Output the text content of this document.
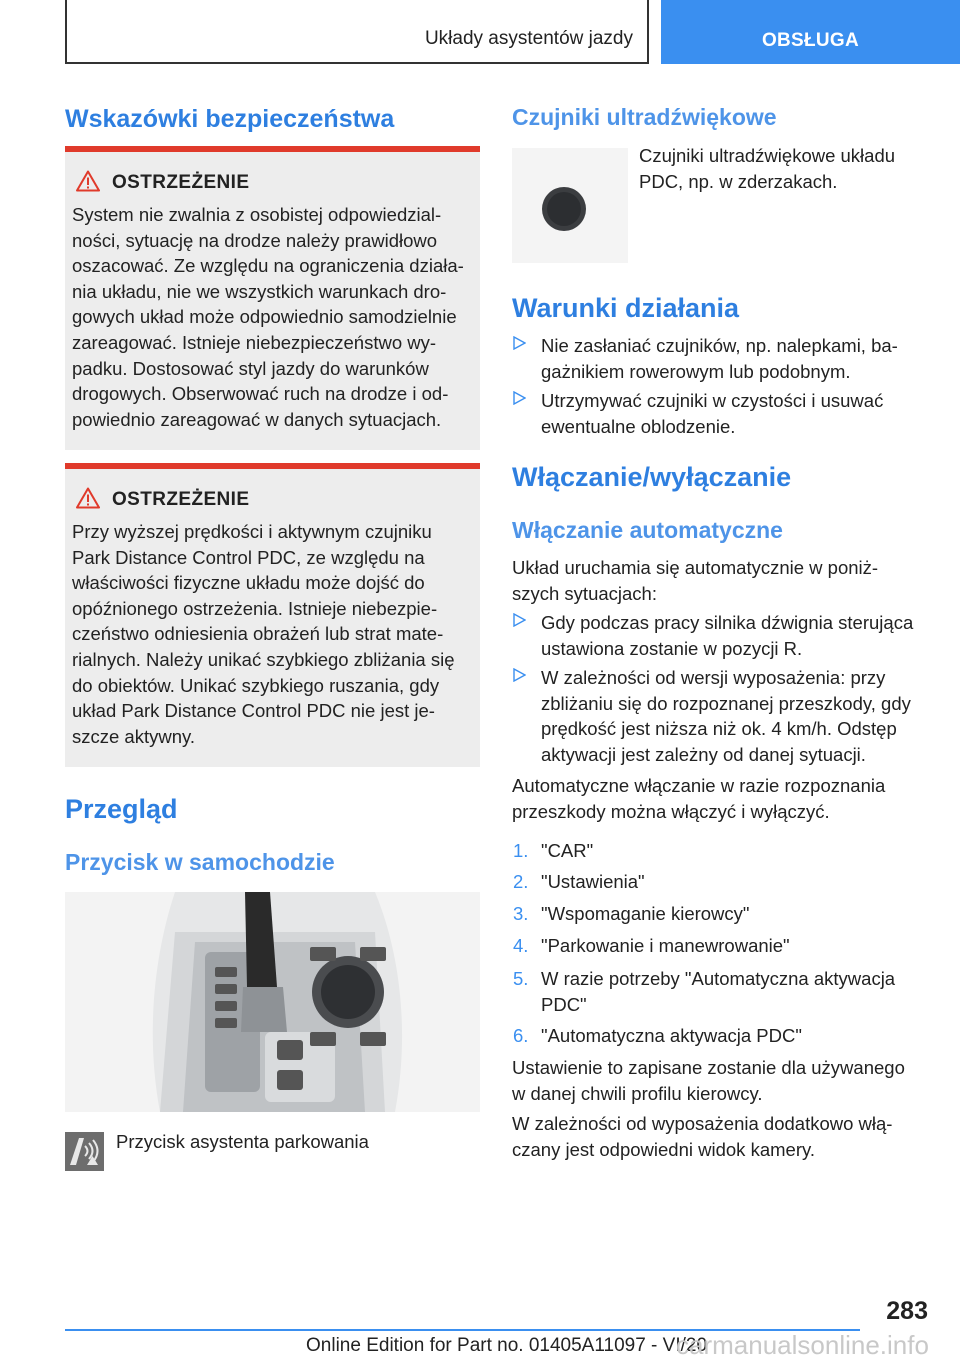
Układy asystentów jazdy	OBSŁUGA
Wskazówki bezpieczeństwa
OSTRZEŻENIE
System nie zwalnia z osobistej odpowiedzial-
ności, sytuację na drodze należy prawidłowo
oszacować. Ze względu na ograniczenia działa-
nia układu, nie we wszystkich warunkach dro-
gowych układ może odpowiednio samodzielnie
zareagować. Istnieje niebezpieczeństwo wy-
padku. Dostosować styl jazdy do warunków
drogowych. Obserwować ruch na drodze i od-
powiednio zareagować w danych sytuacjach.
OSTRZEŻENIE
Przy wyższej prędkości i aktywnym czujniku
Park Distance Control PDC, ze względu na
właściwości fizyczne układu może dojść do
opóźnionego ostrzeżenia. Istnieje niebezpie-
czeństwo odniesienia obrażeń lub strat mate-
rialnych. Należy unikać szybkiego zbliżania się
do obiektów. Unikać szybkiego ruszania, gdy
układ Park Distance Control PDC nie jest je-
szcze aktywny.
Przegląd
Przycisk w samochodzie
Przycisk asystenta parkowania
Czujniki ultradźwiękowe
Czujniki ultradźwiękowe układu
PDC, np. w zderzakach.
Warunki działania
Nie zasłaniać czujników, np. nalepkami, ba-
gażnikiem rowerowym lub podobnym.
Utrzymywać czujniki w czystości i usuwać
ewentualne oblodzenie.
Włączanie/wyłączanie
Włączanie automatyczne
Układ uruchamia się automatycznie w poniż-
szych sytuacjach:
Gdy podczas pracy silnika dźwignia sterująca
ustawiona zostanie w pozycji R.
W zależności od wersji wyposażenia: przy
zbliżaniu się do rozpoznanej przeszkody, gdy
prędkość jest niższa niż ok. 4 km/h. Odstęp
aktywacji jest zależny od danej sytuacji.
Automatyczne włączanie w razie rozpoznania
przeszkody można włączyć i wyłączyć.
1. "CAR"
2. "Ustawienia"
3. "Wspomaganie kierowcy"
4. "Parkowanie i manewrowanie"
5. W razie potrzeby "Automatyczna aktywacja
PDC"
6. "Automatyczna aktywacja PDC"
Ustawienie to zapisane zostanie dla używanego
w danej chwili profilu kierowcy.
W zależności od wyposażenia dodatkowo włą-
czany jest odpowiedni widok kamery.
283
Online Edition for Part no. 01405A11097 - VI/20
carmanualsonline.info
